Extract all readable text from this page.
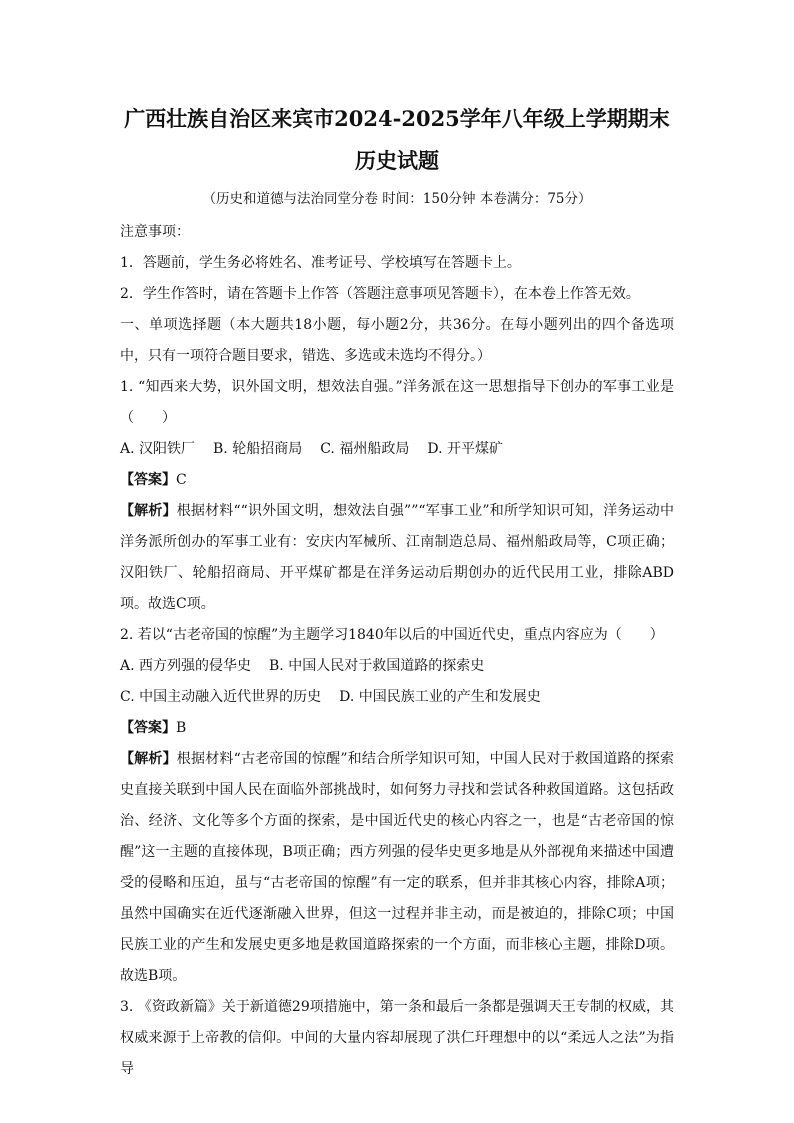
广西壮族自治区来宾市2024-2025学年八年级上学期期末
历史试题

（历史和道德与法治同堂分卷 时间：150分钟 本卷满分：75分）

注意事项：

1．答题前，学生务必将姓名、准考证号、学校填写在答题卡上。

2．学生作答时，请在答题卡上作答（答题注意事项见答题卡），在本卷上作答无效。

一、单项选择题（本大题共18小题，每小题2分，共36分。在每小题列出的四个备选项中，只有一项符合题目要求，错选、多选或未选均不得分。）

1. “知西来大势，识外国文明，想效法自强。”洋务派在这一思想指导下创办的军事工业是（　　）

A. 汉阳铁厂 B. 轮船招商局 C. 福州船政局 D. 开平煤矿

【答案】C

【解析】根据材料““识外国文明，想效法自强””“军事工业”和所学知识可知，洋务运动中洋务派所创办的军事工业有：安庆内军械所、江南制造总局、福州船政局等，C项正确；汉阳铁厂、轮船招商局、开平煤矿都是在洋务运动后期创办的近代民用工业，排除ABD项。故选C项。

2. 若以“古老帝国的惊醒”为主题学习1840年以后的中国近代史，重点内容应为（　　）

A. 西方列强的侵华史 B. 中国人民对于救国道路的探索史

C. 中国主动融入近代世界的历史 D. 中国民族工业的产生和发展史

【答案】B

【解析】根据材料“古老帝国的惊醒”和结合所学知识可知，中国人民对于救国道路的探索史直接关联到中国人民在面临外部挑战时，如何努力寻找和尝试各种救国道路。这包括政治、经济、文化等多个方面的探索，是中国近代史的核心内容之一，也是“古老帝国的惊醒”这一主题的直接体现，B项正确；西方列强的侵华史更多地是从外部视角来描述中国遭受的侵略和压迫，虽与“古老帝国的惊醒”有一定的联系，但并非其核心内容，排除A项；虽然中国确实在近代逐渐融入世界，但这一过程并非主动，而是被迫的，排除C项；中国民族工业的产生和发展史更多地是救国道路探索的一个方面，而非核心主题，排除D项。故选B项。

3. 《资政新篇》关于新道德29项措施中，第一条和最后一条都是强调天王专制的权威，其权威来源于上帝教的信仰。中间的大量内容却展现了洪仁玕理想中的以“柔远人之法”为指导
